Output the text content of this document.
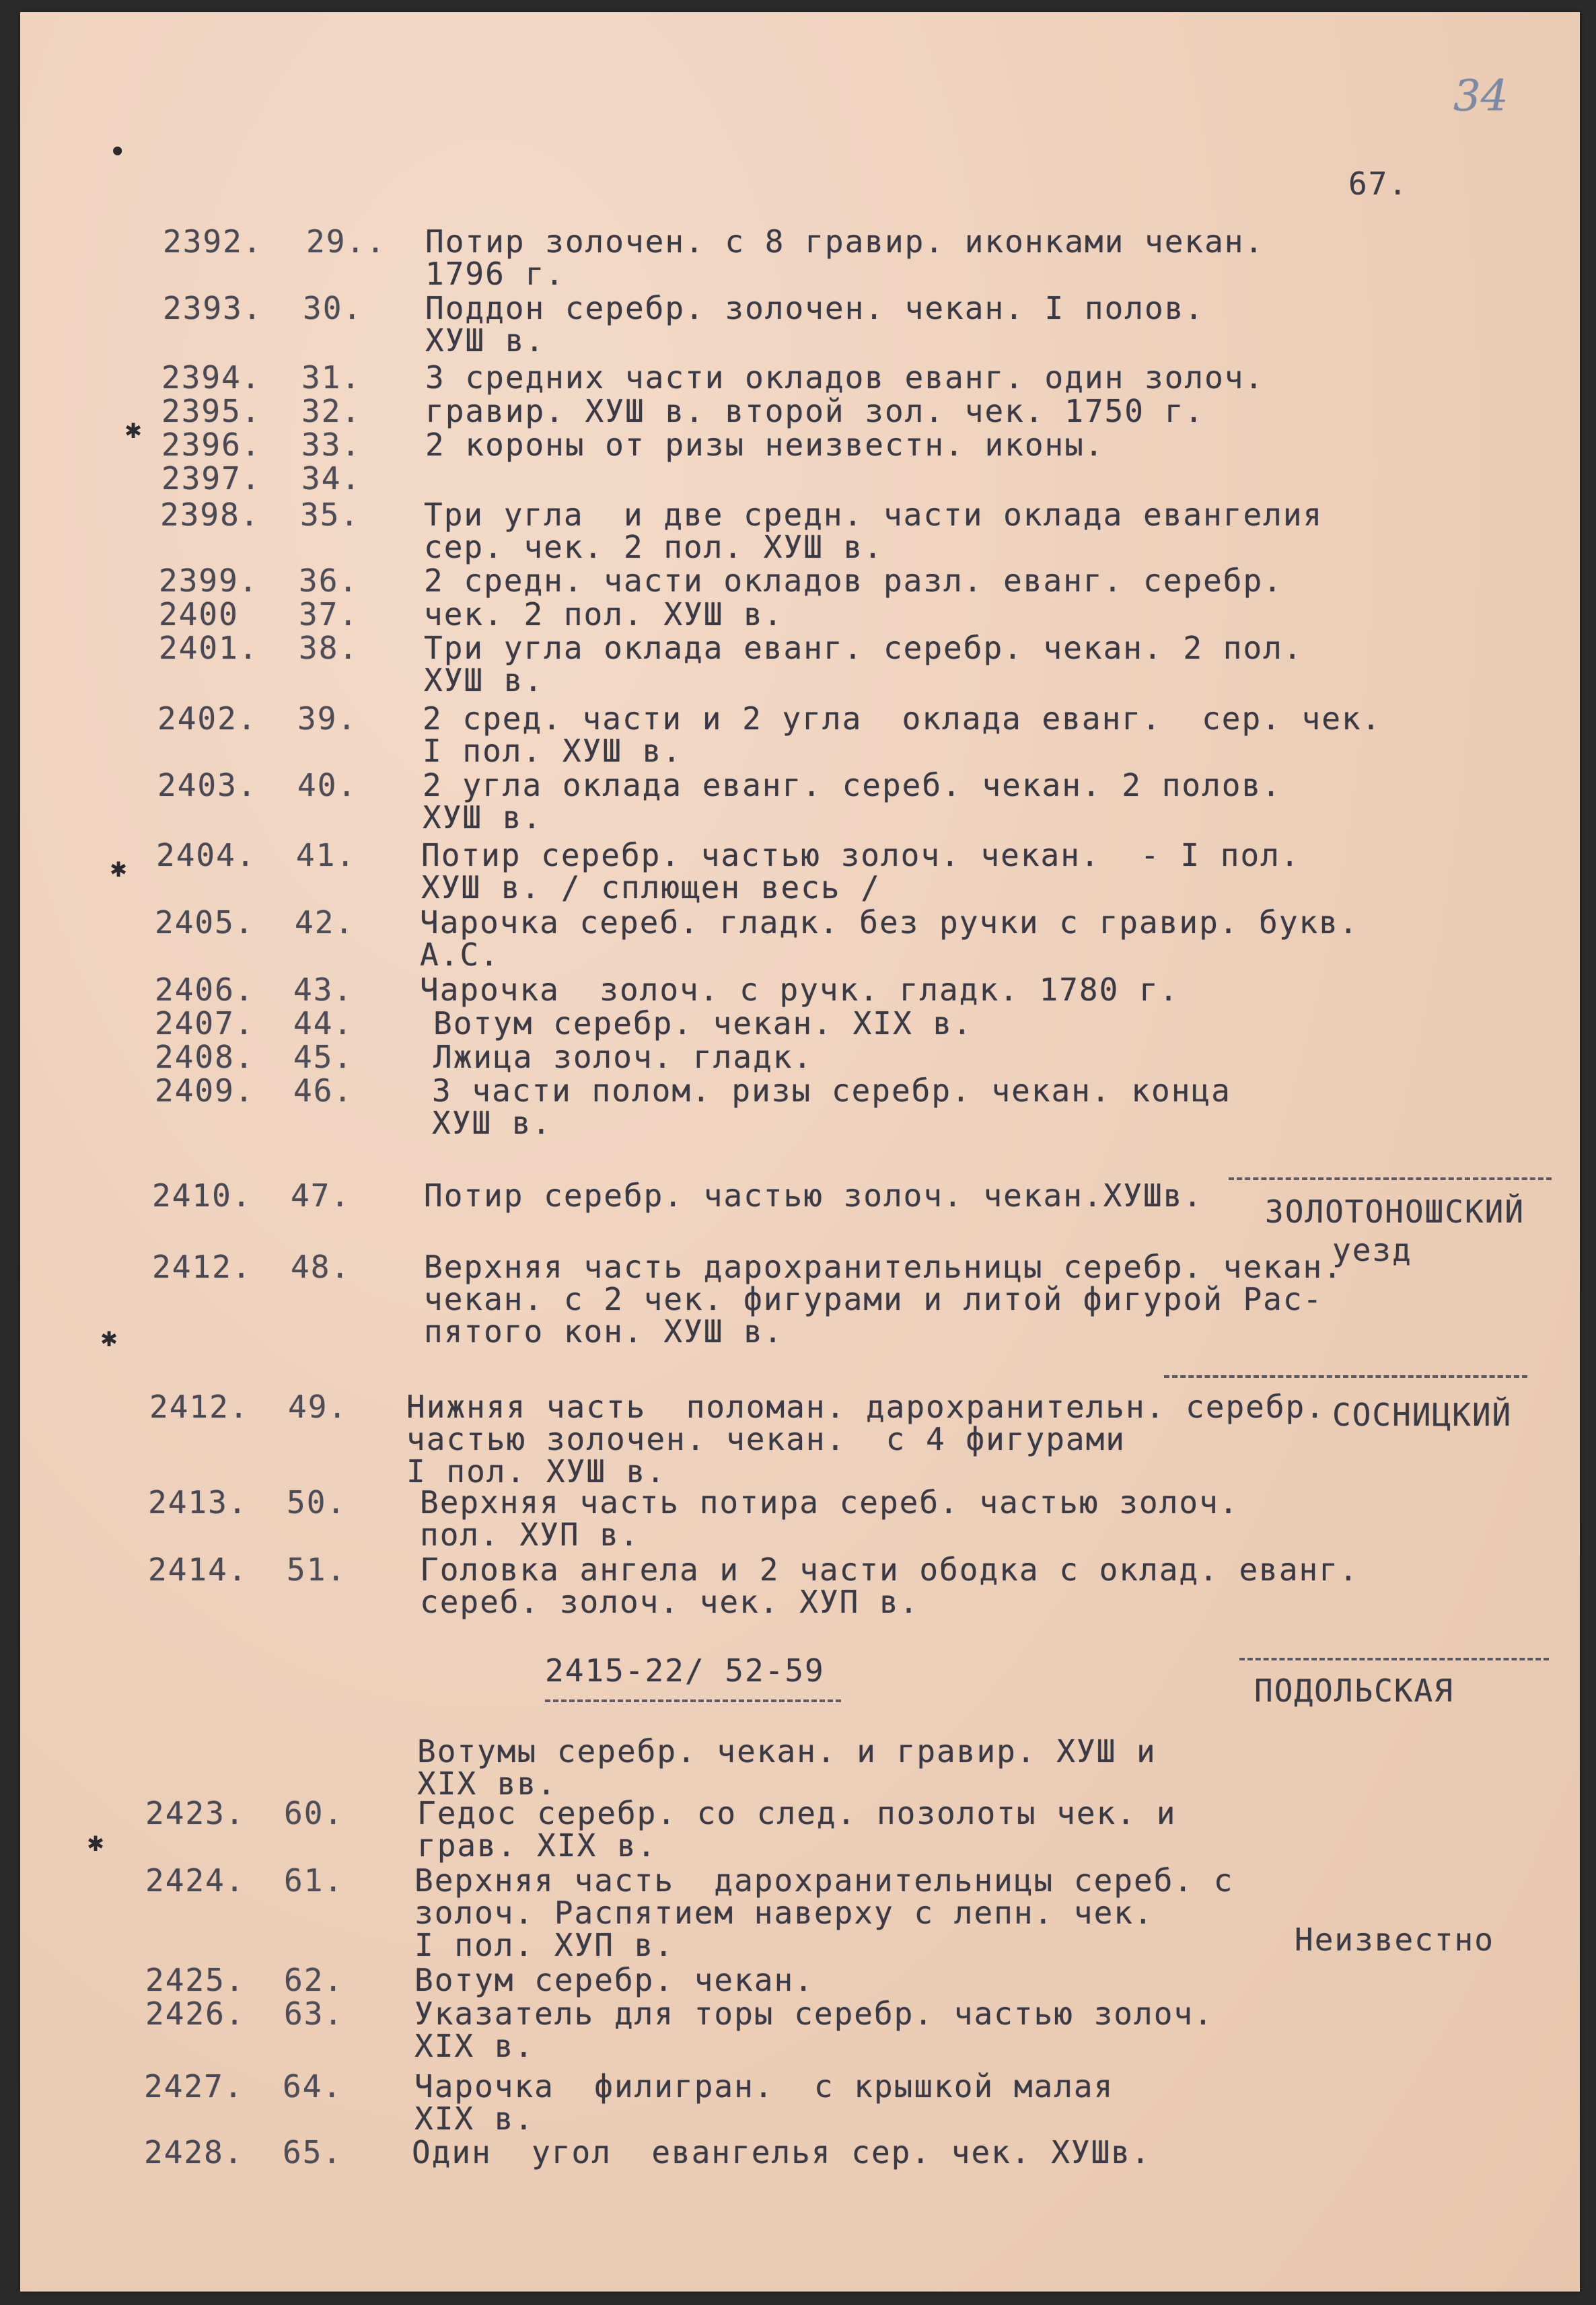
34
67.
2392. 29.. Потир золочен. с 8 гравир. иконками чекан.
1796 г.
2393. 30. Поддон серебр. золочен. чекан. I полов.
ХУШ в.
2394. 31. 3 средних части окладов еванг. один золоч.
2395. 32. гравир. ХУШ в. второй зол. чек. 1750 г.
2396. 33. 2 короны от ризы неизвестн. иконы.
2397. 34.
2398. 35. Три угла  и две средн. части оклада евангелия
сер. чек. 2 пол. ХУШ в.
2399. 36. 2 средн. части окладов разл. еванг. серебр.
2400 37. чек. 2 пол. ХУШ в.
2401. 38. Три угла оклада еванг. серебр. чекан. 2 пол.
ХУШ в.
2402. 39. 2 сред. части и 2 угла  оклада еванг.  сер. чек.
I пол. ХУШ в.
2403. 40. 2 угла оклада еванг. сереб. чекан. 2 полов.
ХУШ в.
2404. 41. Потир серебр. частью золоч. чекан.  - I пол.
ХУШ в. / сплющен весь /
2405. 42. Чарочка сереб. гладк. без ручки с гравир. букв.
А.С.
2406. 43. Чарочка  золоч. с ручк. гладк. 1780 г.
2407. 44.	Вотум серебр. чекан. XIX в.
2408. 45.	Лжица золоч. гладк.
2409. 46.	3 части полом. ризы серебр. чекан. конца
ХУШ в.
2410. 47. Потир серебр. частью золоч. чекан.ХУШв.
2412. 48. Верхняя часть дарохранительницы серебр. чекан.
чекан. с 2 чек. фигурами и литой фигурой Рас-
пятого кон. ХУШ в.
2412. 49. Нижняя часть  поломан. дарохранительн. серебр.
частью золочен. чекан.  с 4 фигурами
I пол. ХУШ в.
2413. 50. Верхняя часть потира сереб. частью золоч.
пол. ХУП в.
2414. 51. Головка ангела и 2 части ободка с оклад. еванг.
сереб. золоч. чек. ХУП в.
Вотумы серебр. чекан. и гравир. ХУШ и
XIX вв.
2423. 60. Гедос серебр. со след. позолоты чек. и
грав. XIX в.
2424. 61. Верхняя часть  дарохранительницы сереб. с
золоч. Распятием наверху с лепн. чек.
I пол. ХУП в.
2425. 62. Вотум серебр. чекан.
2426. 63. Указатель для торы серебр. частью золоч.
XIX в.
2427. 64. Чарочка  филигран.  с крышкой малая
XIX в.
2428. 65. Один  угол  евангелья сер. чек. ХУШв.
2415-22/ 52-59
ЗОЛОТОНОШСКИЙ
уезд
СОСНИЦКИЙ
ПОДОЛЬСКАЯ
Неизвестно
✱
✱
✱
✱
●
